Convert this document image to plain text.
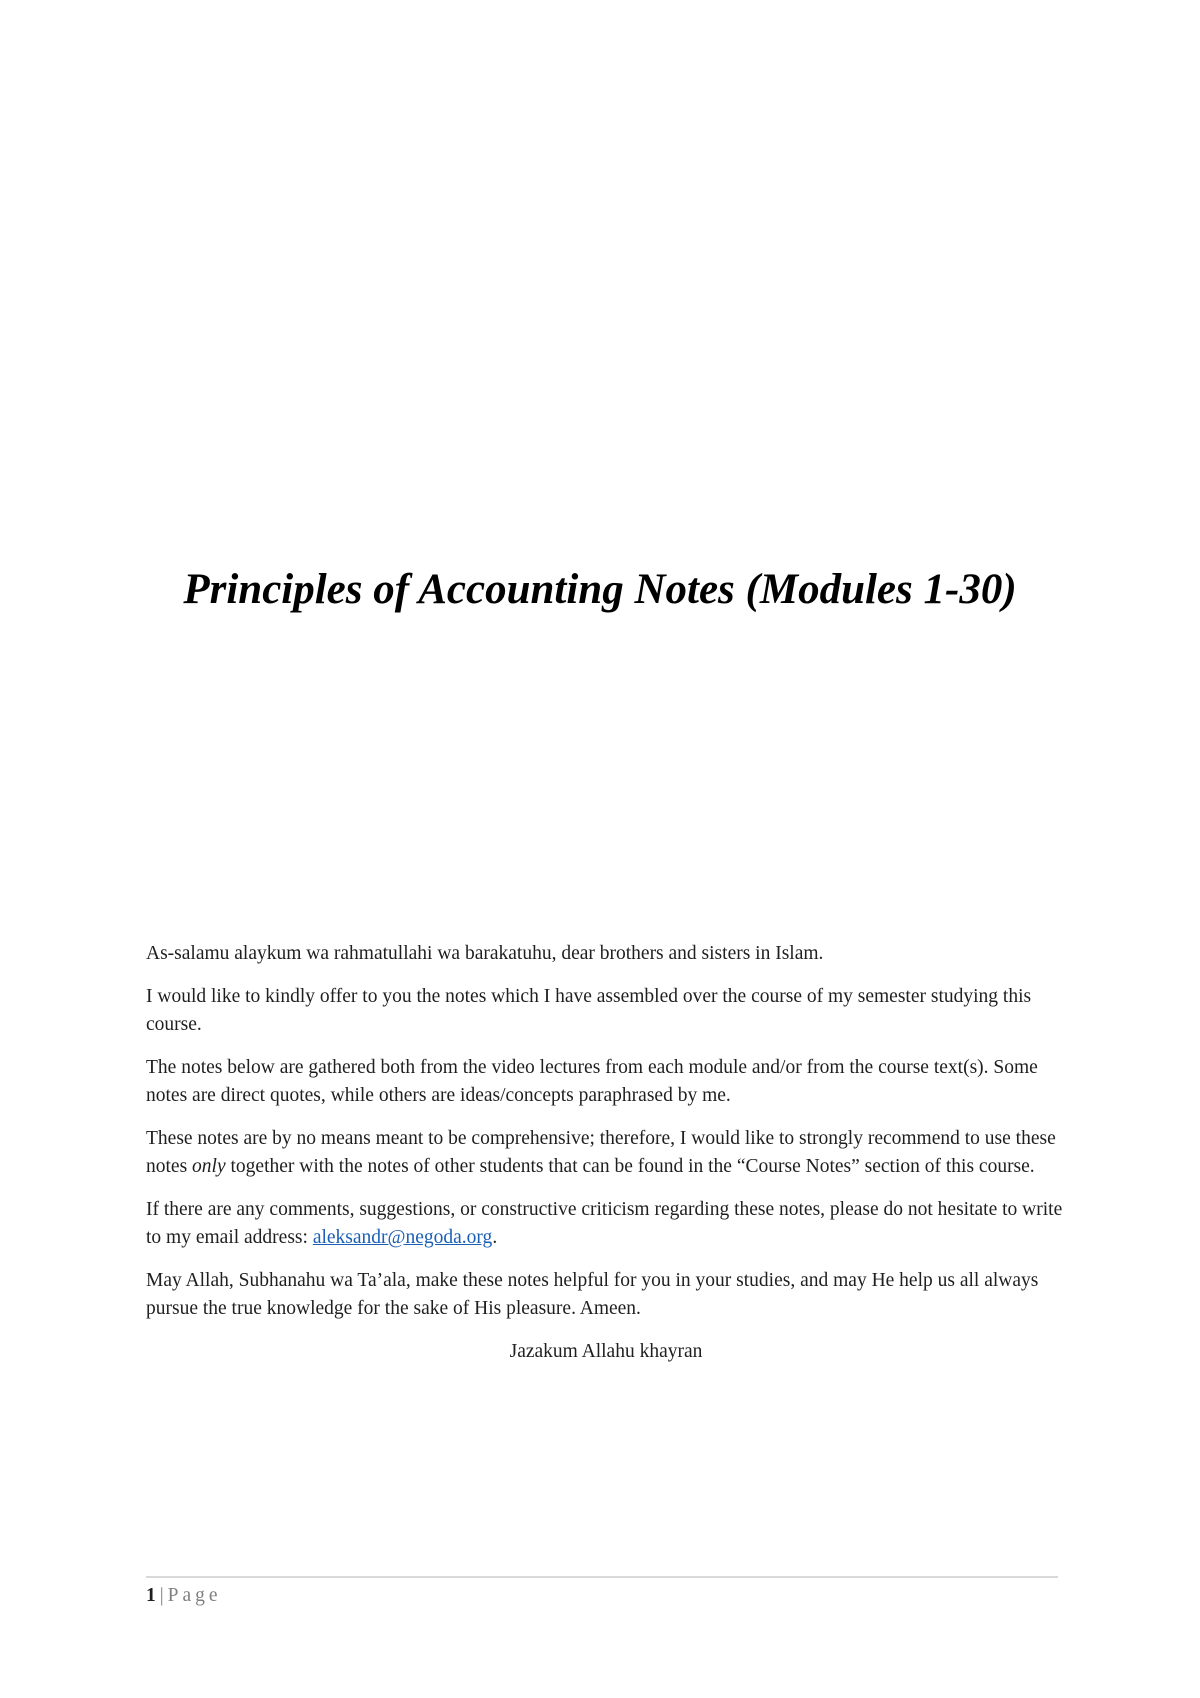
Principles of Accounting Notes (Modules 1-30)

As-salamu alaykum wa rahmatullahi wa barakatuhu, dear brothers and sisters in Islam.

I would like to kindly offer to you the notes which I have assembled over the course of my semester studying this course.

The notes below are gathered both from the video lectures from each module and/or from the course text(s). Some notes are direct quotes, while others are ideas/concepts paraphrased by me.

These notes are by no means meant to be comprehensive; therefore, I would like to strongly recommend to use these notes only together with the notes of other students that can be found in the “Course Notes” section of this course.

If there are any comments, suggestions, or constructive criticism regarding these notes, please do not hesitate to write to my email address: aleksandr@negoda.org.

May Allah, Subhanahu wa Ta’ala, make these notes helpful for you in your studies, and may He help us all always pursue the true knowledge for the sake of His pleasure. Ameen.

Jazakum Allahu khayran

1 | Page
